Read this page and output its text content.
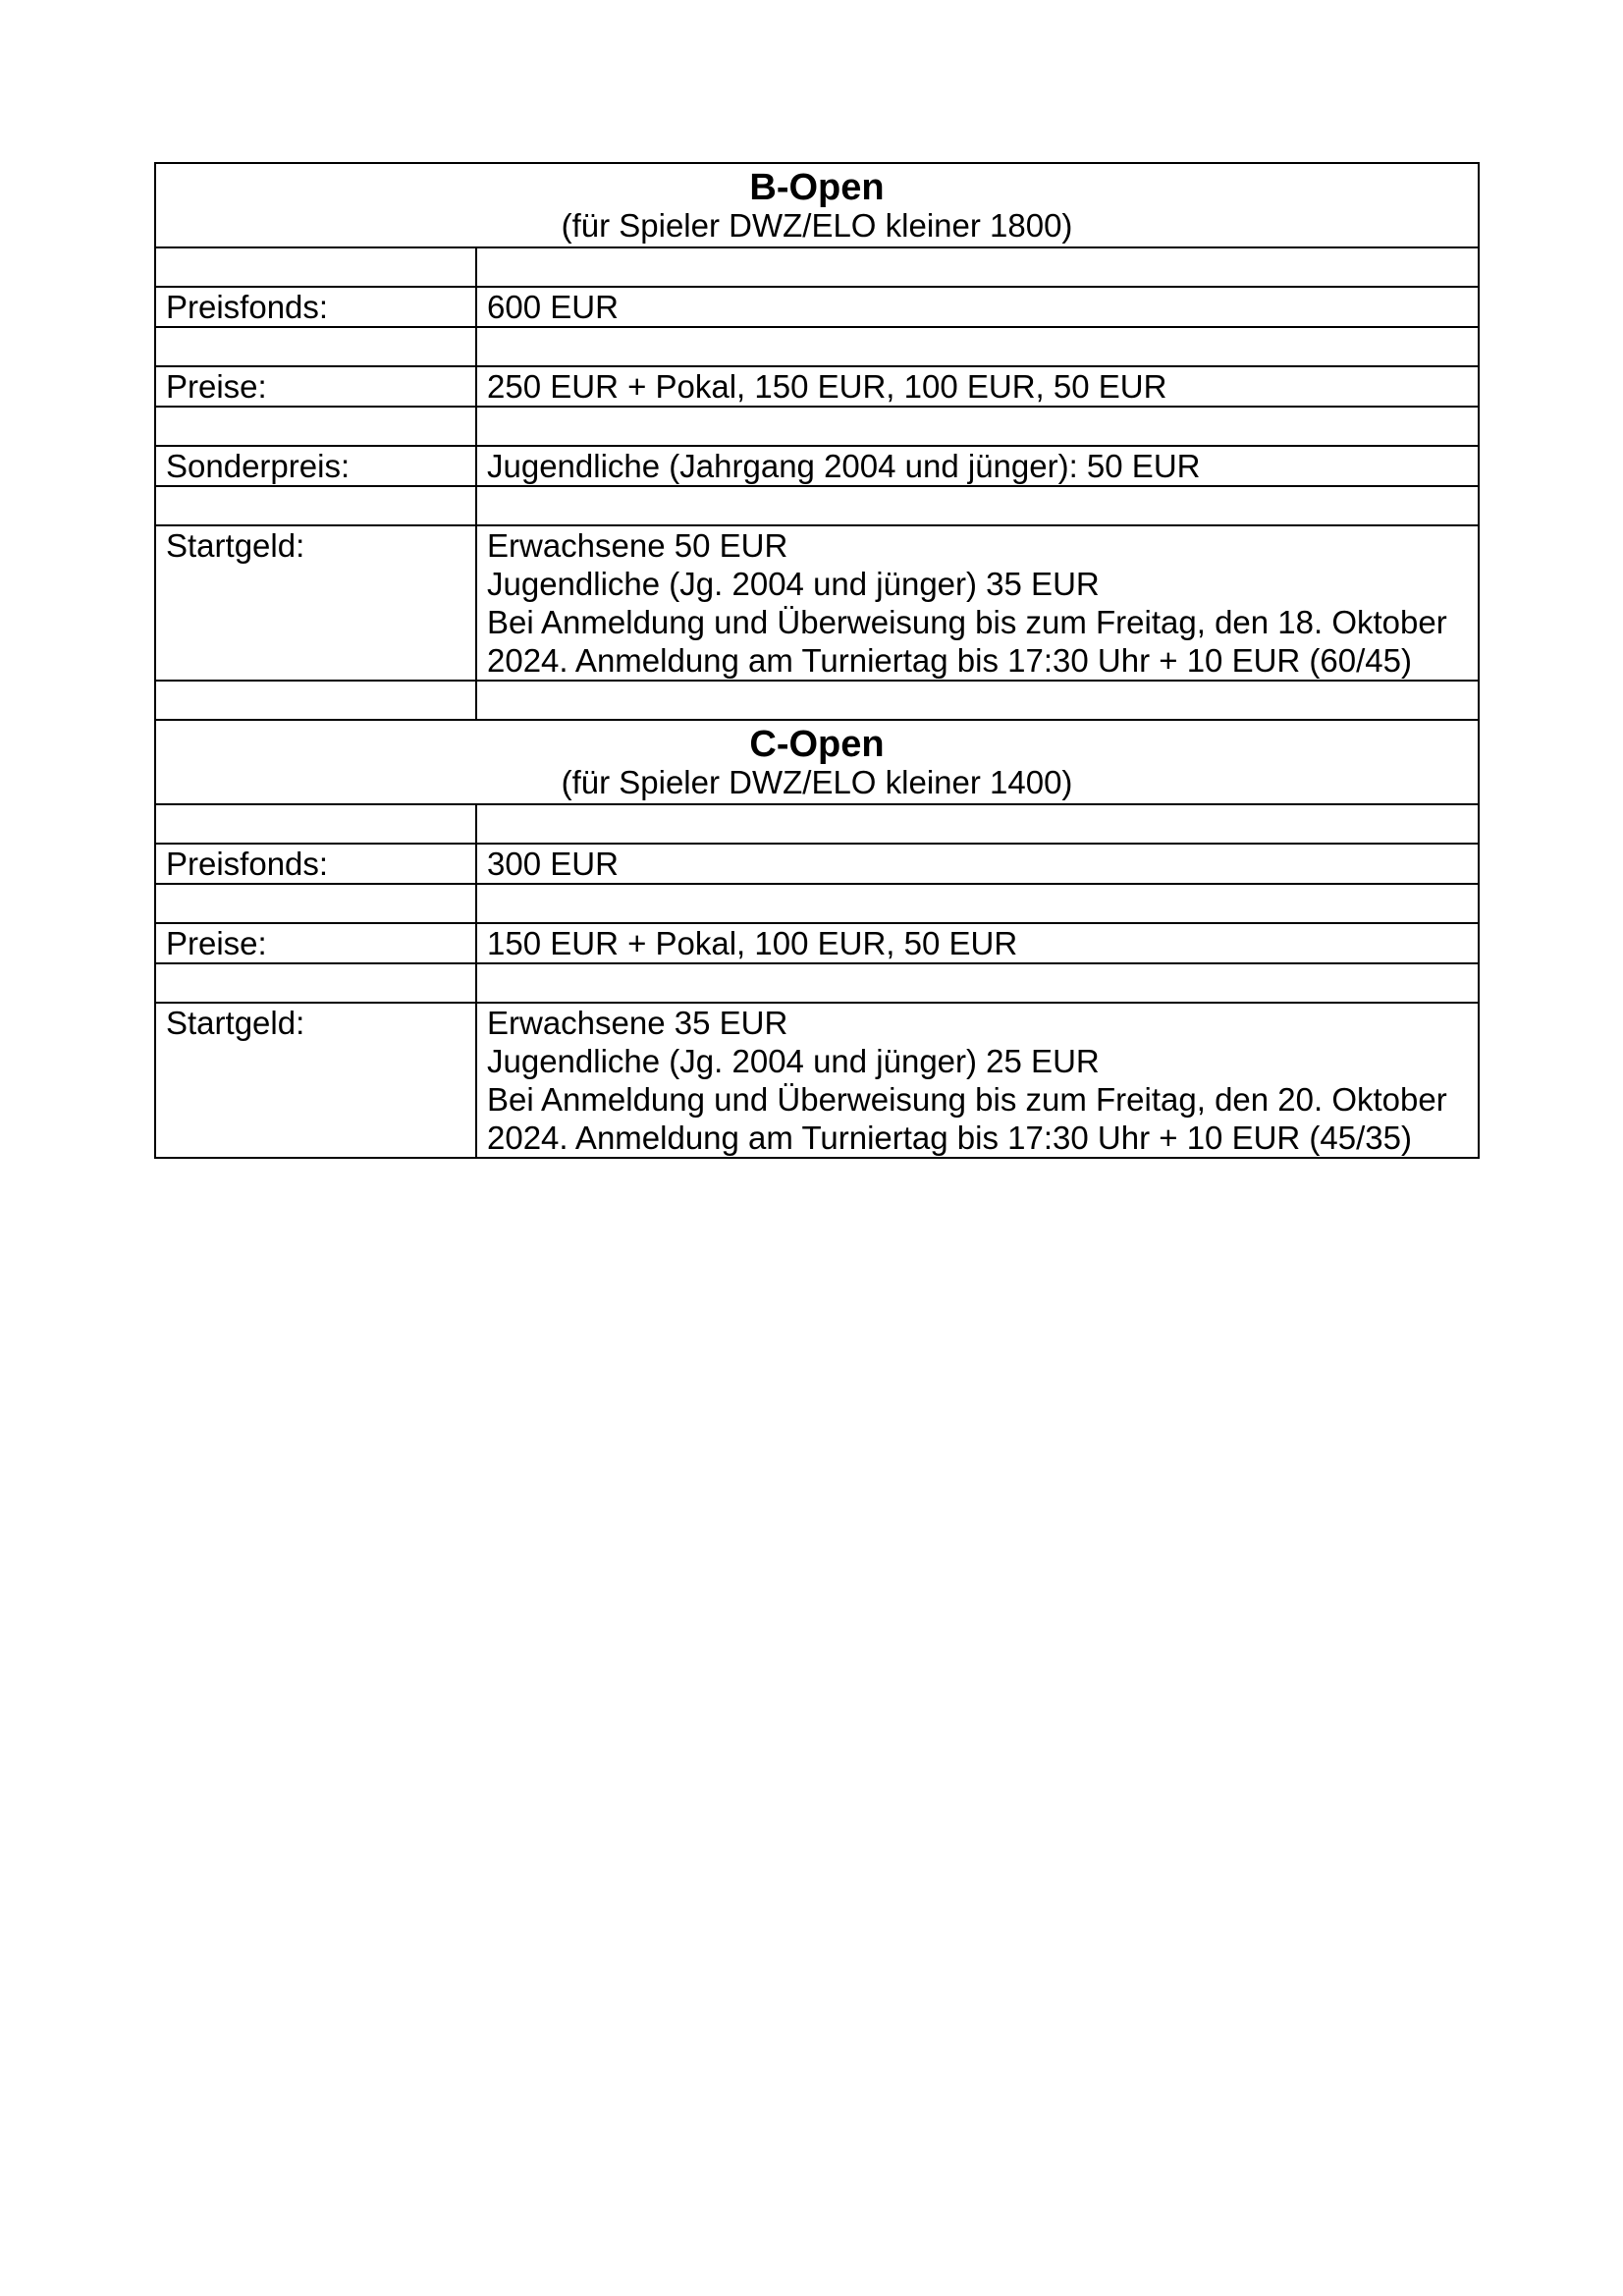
B-Open
(für Spieler DWZ/ELO kleiner 1800)	

Preisfonds:	600 EUR

Preise:	250 EUR + Pokal, 150 EUR, 100 EUR, 50 EUR

Sonderpreis:	Jugendliche (Jahrgang 2004 und jünger): 50 EUR

Startgeld:	Erwachsene 50 EUR
Jugendliche (Jg. 2004 und jünger) 35 EUR
Bei Anmeldung und Überweisung bis zum Freitag, den 18. Oktober
2024. Anmeldung am Turniertag bis 17:30 Uhr + 10 EUR (60/45)

C-Open
(für Spieler DWZ/ELO kleiner 1400)	

Preisfonds:	300 EUR

Preise:	150 EUR + Pokal, 100 EUR, 50 EUR

Startgeld:	Erwachsene 35 EUR
Jugendliche (Jg. 2004 und jünger) 25 EUR
Bei Anmeldung und Überweisung bis zum Freitag, den 20. Oktober
2024. Anmeldung am Turniertag bis 17:30 Uhr + 10 EUR (45/35)
